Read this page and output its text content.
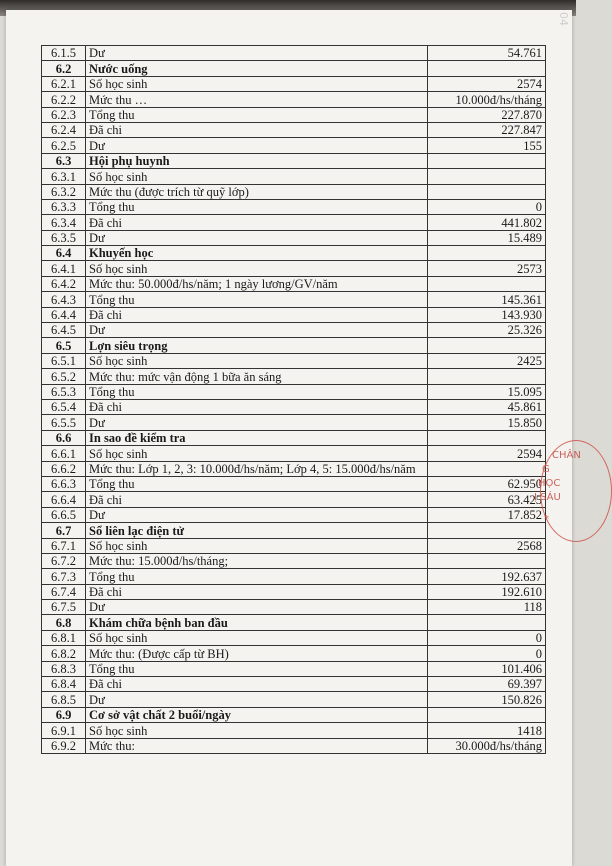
04
6.1.5	Dư	54.761
6.2	Nước uống	
6.2.1	Số học sinh	2574
6.2.2	Mức thu …	10.000đ/hs/tháng
6.2.3	Tổng thu	227.870
6.2.4	Đã chi	227.847
6.2.5	Dư	155
6.3	Hội phụ huynh	
6.3.1	Số học sinh	
6.3.2	Mức thu (được trích từ quỹ lớp)	
6.3.3	Tổng thu	0
6.3.4	Đã chi	441.802
6.3.5	Dư	15.489
6.4	Khuyến học	
6.4.1	Số học sinh	2573
6.4.2	Mức thu: 50.000đ/hs/năm; 1 ngày lương/GV/năm	
6.4.3	Tổng thu	145.361
6.4.4	Đã chi	143.930
6.4.5	Dư	25.326
6.5	Lợn siêu trọng	
6.5.1	Số học sinh	2425
6.5.2	Mức thu: mức vận động 1 bữa ăn sáng	
6.5.3	Tổng thu	15.095
6.5.4	Đã chi	45.861
6.5.5	Dư	15.850
6.6	In sao đề kiểm tra	
6.6.1	Số học sinh	2594
6.6.2	Mức thu: Lớp 1, 2, 3: 10.000đ/hs/năm; Lớp 4, 5: 15.000đ/hs/năm	
6.6.3	Tổng thu	62.950
6.6.4	Đã chi	63.425
6.6.5	Dư	17.852
6.7	Sổ liên lạc điện tử	
6.7.1	Số học sinh	2568
6.7.2	Mức thu: 15.000đ/hs/tháng;	
6.7.3	Tổng thu	192.637
6.7.4	Đã chi	192.610
6.7.5	Dư	118
6.8	Khám chữa bệnh ban đầu	
6.8.1	Số học sinh	0
6.8.2	Mức thu: (Được cấp từ BH)	0
6.8.3	Tổng thu	101.406
6.8.4	Đã chi	69.397
6.8.5	Dư	150.826
6.9	Cơ sở vật chất 2 buổi/ngày	
6.9.1	Số học sinh	1418
6.9.2	Mức thu:	30.000đ/hs/tháng
CHÂN
G
HỌC
Ị SÁU
*
